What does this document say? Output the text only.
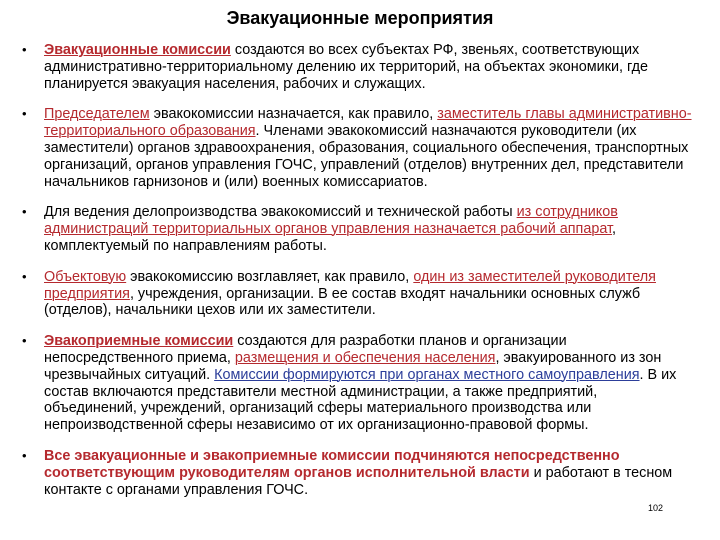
Эвакуационные мероприятия
• Эвакуационные комиссии создаются во всех субъектах РФ, звеньях, соответствующих административно-территориальному делению их территорий, на объектах экономики, где планируется эвакуация населения, рабочих и служащих.
• Председателем эвакокомиссии назначается, как правило, заместитель главы административно-территориального образования. Членами эвакокомиссий назначаются руководители (их заместители) органов здравоохранения, образования, социального обеспечения, транспортных организаций, органов управления ГОЧС, управлений (отделов) внутренних дел, представители начальников гарнизонов и (или) военных комиссариатов.
• Для ведения делопроизводства эвакокомиссий и технической работы из сотрудников администраций территориальных органов управления назначается рабочий аппарат, комплектуемый по направлениям работы.
• Объектовую эвакокомиссию возглавляет, как правило, один из заместителей руководителя предприятия, учреждения, организации. В ее состав входят начальники основных служб (отделов), начальники цехов или их заместители.
• Эвакоприемные комиссии создаются для разработки планов и организации непосредственного приема, размещения и обеспечения населения, эвакуированного из зон чрезвычайных ситуаций. Комиссии формируются при органах местного самоуправления. В их состав включаются представители местной администрации, а также предприятий, объединений, учреждений, организаций сферы материального производства или непроизводственной сферы независимо от их организационно-правовой формы.
• Все эвакуационные и эвакоприемные комиссии подчиняются непосредственно соответствующим руководителям органов исполнительной власти и работают в тесном контакте с органами управления ГОЧС.
102
